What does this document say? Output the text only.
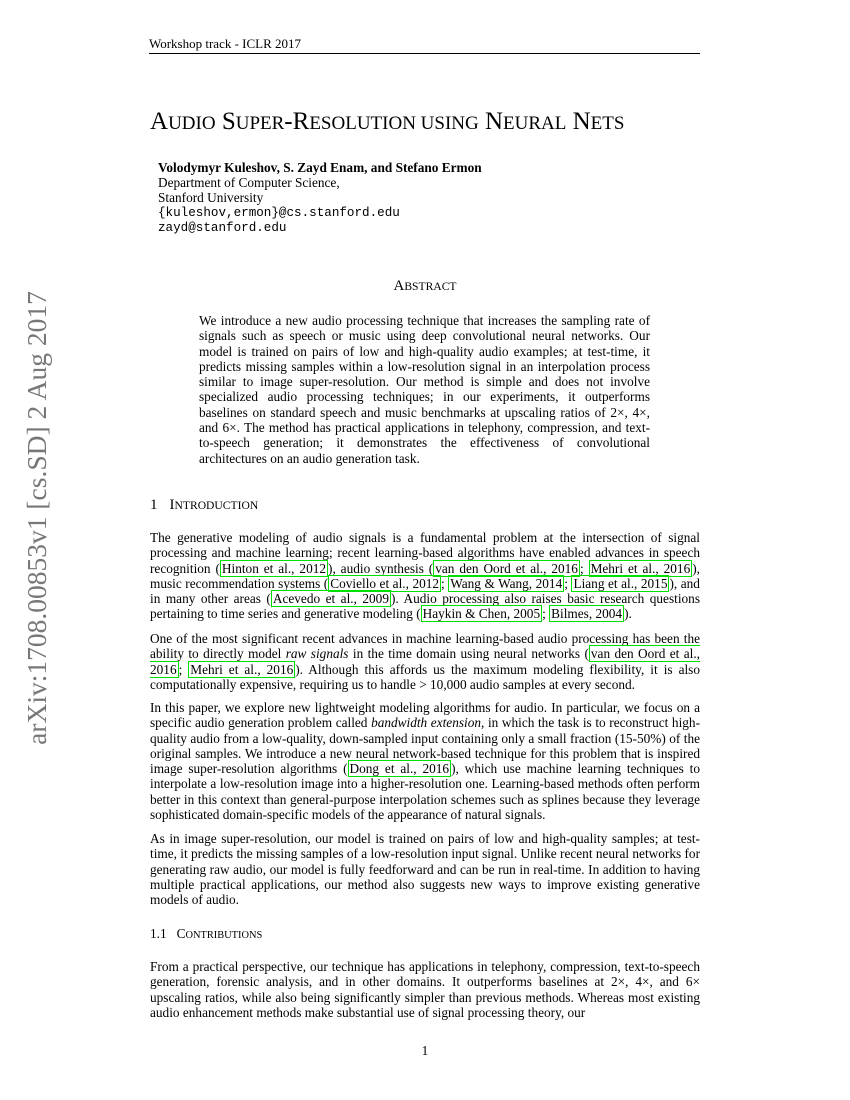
Workshop track - ICLR 2017
arXiv:1708.00853v1 [cs.SD] 2 Aug 2017
AUDIO SUPER-RESOLUTION USING NEURAL NETS
Volodymyr Kuleshov, S. Zayd Enam, and Stefano Ermon
Department of Computer Science,
Stanford University
{kuleshov,ermon}@cs.stanford.edu
zayd@stanford.edu
ABSTRACT

We introduce a new audio processing technique that increases the sampling rate of signals such as speech or music using deep convolutional neural networks. Our model is trained on pairs of low and high-quality audio examples; at test-time, it predicts missing samples within a low-resolution signal in an interpolation process similar to image super-resolution. Our method is simple and does not involve specialized audio processing techniques; in our experiments, it outperforms baselines on standard speech and music benchmarks at upscaling ratios of 2×, 4×, and 6×. The method has practical applications in telephony, compression, and text-to-speech generation; it demonstrates the effectiveness of convolutional architectures on an audio generation task.

1 INTRODUCTION

The generative modeling of audio signals is a fundamental problem at the intersection of signal processing and machine learning; recent learning-based algorithms have enabled advances in speech recognition ( Hinton et al., 2012 ), audio synthesis ( van den Oord et al., 2016 ; Mehri et al., 2016 ), music recommendation systems ( Coviello et al., 2012 ; Wang & Wang, 2014 ; Liang et al., 2015 ), and in many other areas ( Acevedo et al., 2009 ). Audio processing also raises basic research questions pertaining to time series and generative modeling ( Haykin & Chen, 2005 ; Bilmes, 2004 ).

One of the most significant recent advances in machine learning-based audio processing has been the ability to directly model raw signals in the time domain using neural networks ( van den Oord et al., 2016 ; Mehri et al., 2016 ). Although this affords us the maximum modeling flexibility, it is also computationally expensive, requiring us to handle > 10,000 audio samples at every second.

In this paper, we explore new lightweight modeling algorithms for audio. In particular, we focus on a specific audio generation problem called bandwidth extension, in which the task is to reconstruct high-quality audio from a low-quality, down-sampled input containing only a small fraction (15-50%) of the original samples. We introduce a new neural network-based technique for this problem that is inspired image super-resolution algorithms ( Dong et al., 2016 ), which use machine learning techniques to interpolate a low-resolution image into a higher-resolution one. Learning-based methods often perform better in this context than general-purpose interpolation schemes such as splines because they leverage sophisticated domain-specific models of the appearance of natural signals.

As in image super-resolution, our model is trained on pairs of low and high-quality samples; at test-time, it predicts the missing samples of a low-resolution input signal. Unlike recent neural networks for generating raw audio, our model is fully feedforward and can be run in real-time. In addition to having multiple practical applications, our method also suggests new ways to improve existing generative models of audio.

1.1 CONTRIBUTIONS

From a practical perspective, our technique has applications in telephony, compression, text-to-speech generation, forensic analysis, and in other domains. It outperforms baselines at 2×, 4×, and 6× upscaling ratios, while also being significantly simpler than previous methods. Whereas most existing audio enhancement methods make substantial use of signal processing theory, our

1
